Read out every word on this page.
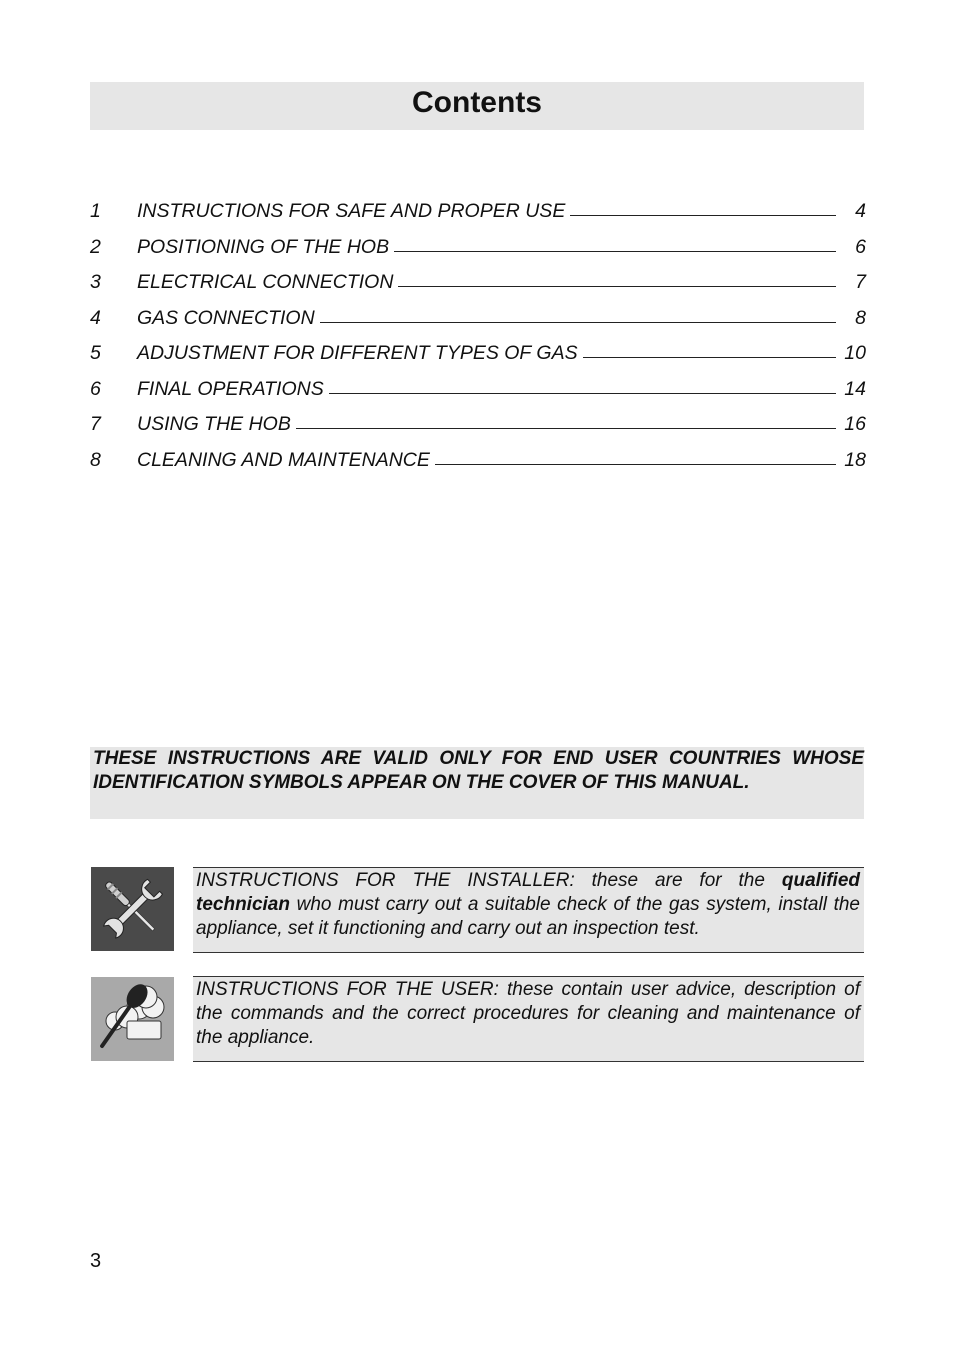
Contents
1	INSTRUCTIONS FOR SAFE AND PROPER USE	4
2	POSITIONING OF THE HOB	6
3	ELECTRICAL CONNECTION	7
4	GAS CONNECTION	8
5	ADJUSTMENT FOR DIFFERENT TYPES OF GAS	10
6	FINAL OPERATIONS	14
7	USING THE HOB	16
8	CLEANING AND MAINTENANCE	18

THESE INSTRUCTIONS ARE VALID ONLY FOR END USER COUNTRIES WHOSE IDENTIFICATION SYMBOLS APPEAR ON THE COVER OF THIS MANUAL.

INSTRUCTIONS FOR THE INSTALLER: these are for the qualified technician who must carry out a suitable check of the gas system, install the appliance, set it functioning and carry out an inspection test.

INSTRUCTIONS FOR THE USER: these contain user advice, description of the commands and the correct procedures for cleaning and maintenance of the appliance.

3
